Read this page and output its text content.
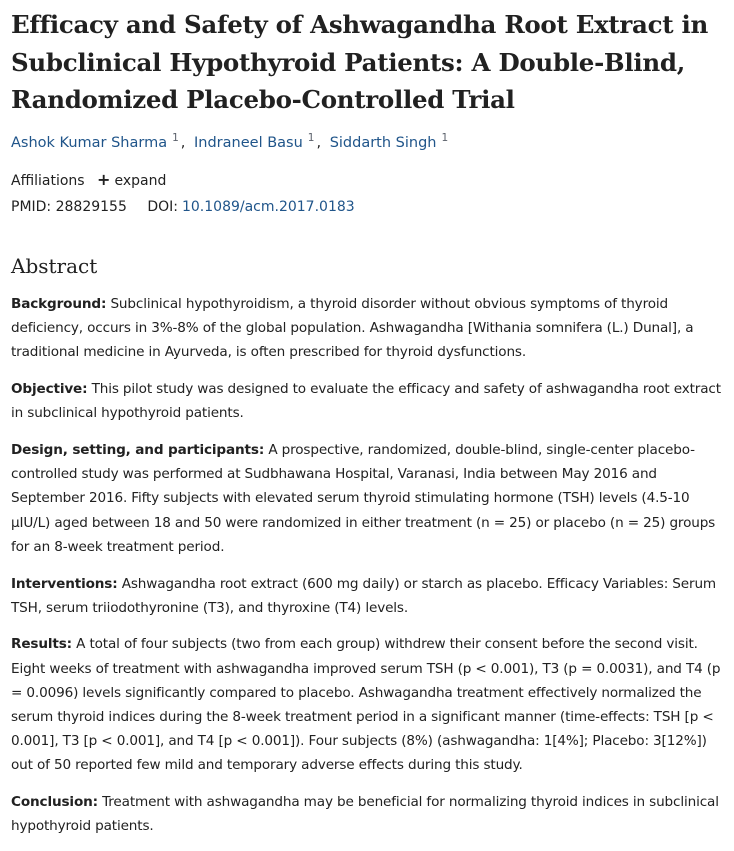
Efficacy and Safety of Ashwagandha Root Extract in
Subclinical Hypothyroid Patients: A Double-Blind,
Randomized Placebo-Controlled Trial
Ashok Kumar Sharma $^1$ , Indraneel Basu $^1$ , Siddarth Singh $^1$
Affiliations + expand
PMID: 28829155 DOI: 10.1089/acm.2017.0183
Abstract

Background: Subclinical hypothyroidism, a thyroid disorder without obvious symptoms of thyroid deficiency, occurs in 3%-8% of the global population. Ashwagandha [Withania somnifera (L.) Dunal], a traditional medicine in Ayurveda, is often prescribed for thyroid dysfunctions.

Objective: This pilot study was designed to evaluate the efficacy and safety of ashwagandha root extract in subclinical hypothyroid patients.

Design, setting, and participants: A prospective, randomized, double-blind, single-center placebo-controlled study was performed at Sudbhawana Hospital, Varanasi, India between May 2016 and September 2016. Fifty subjects with elevated serum thyroid stimulating hormone (TSH) levels (4.5-10 μIU/L) aged between 18 and 50 were randomized in either treatment (n = 25) or placebo (n = 25) groups for an 8-week treatment period.

Interventions: Ashwagandha root extract (600 mg daily) or starch as placebo. Efficacy Variables: Serum TSH, serum triiodothyronine (T3), and thyroxine (T4) levels.

Results: A total of four subjects (two from each group) withdrew their consent before the second visit. Eight weeks of treatment with ashwagandha improved serum TSH (p < 0.001), T3 (p = 0.0031), and T4 (p = 0.0096) levels significantly compared to placebo. Ashwagandha treatment effectively normalized the serum thyroid indices during the 8-week treatment period in a significant manner (time-effects: TSH [p < 0.001], T3 [p < 0.001], and T4 [p < 0.001]). Four subjects (8%) (ashwagandha: 1[4%]; Placebo: 3[12%]) out of 50 reported few mild and temporary adverse effects during this study.

Conclusion: Treatment with ashwagandha may be beneficial for normalizing thyroid indices in subclinical hypothyroid patients.
